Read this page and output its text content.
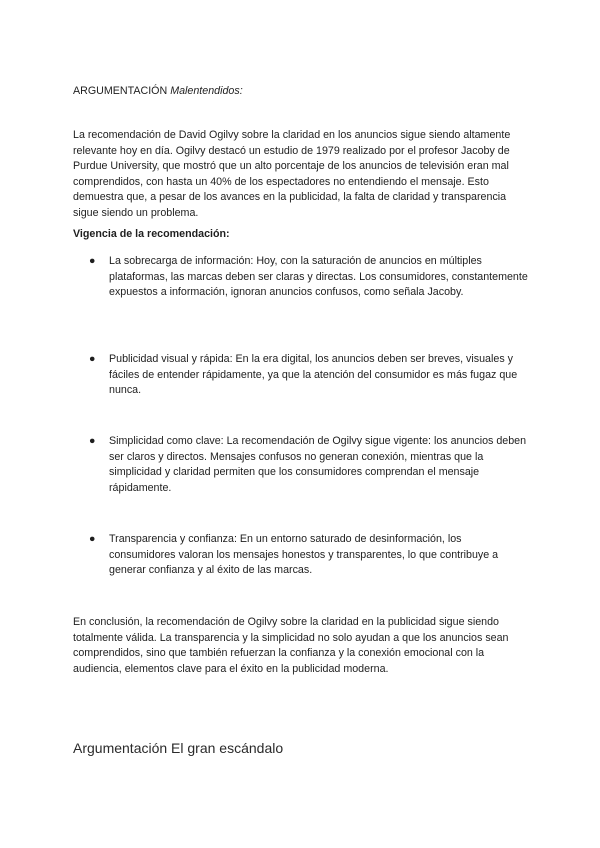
ARGUMENTACIÓN Malentendidos:

La recomendación de David Ogilvy sobre la claridad en los anuncios sigue siendo altamente relevante hoy en día. Ogilvy destacó un estudio de 1979 realizado por el profesor Jacoby de Purdue University, que mostró que un alto porcentaje de los anuncios de televisión eran mal comprendidos, con hasta un 40% de los espectadores no entendiendo el mensaje. Esto demuestra que, a pesar de los avances en la publicidad, la falta de claridad y transparencia sigue siendo un problema.

Vigencia de la recomendación:

● La sobrecarga de información: Hoy, con la saturación de anuncios en múltiples plataformas, las marcas deben ser claras y directas. Los consumidores, constantemente expuestos a información, ignoran anuncios confusos, como señala Jacoby.

● Publicidad visual y rápida: En la era digital, los anuncios deben ser breves, visuales y fáciles de entender rápidamente, ya que la atención del consumidor es más fugaz que nunca.

● Simplicidad como clave: La recomendación de Ogilvy sigue vigente: los anuncios deben ser claros y directos. Mensajes confusos no generan conexión, mientras que la simplicidad y claridad permiten que los consumidores comprendan el mensaje rápidamente.

● Transparencia y confianza: En un entorno saturado de desinformación, los consumidores valoran los mensajes honestos y transparentes, lo que contribuye a generar confianza y al éxito de las marcas.

En conclusión, la recomendación de Ogilvy sobre la claridad en la publicidad sigue siendo totalmente válida. La transparencia y la simplicidad no solo ayudan a que los anuncios sean comprendidos, sino que también refuerzan la confianza y la conexión emocional con la audiencia, elementos clave para el éxito en la publicidad moderna.

Argumentación El gran escándalo
